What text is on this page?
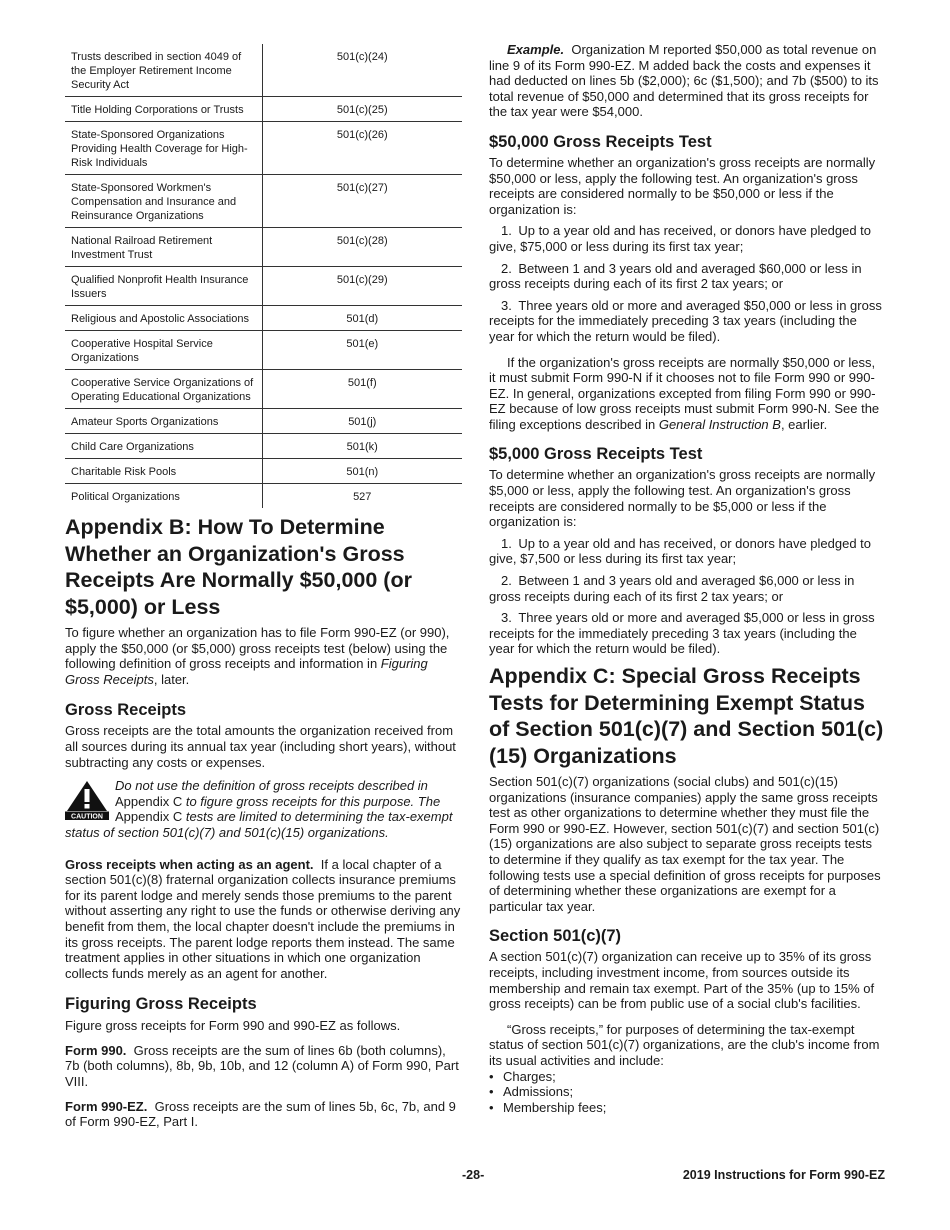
Trusts described in section 4049 of the Employer Retirement Income Security Act	501(c)(24)
Title Holding Corporations or Trusts	501(c)(25)
State-Sponsored Organizations Providing Health Coverage for High-Risk Individuals	501(c)(26)
State-Sponsored Workmen's Compensation and Insurance and Reinsurance Organizations	501(c)(27)
National Railroad Retirement Investment Trust	501(c)(28)
Qualified Nonprofit Health Insurance Issuers	501(c)(29)
Religious and Apostolic Associations	501(d)
Cooperative Hospital Service Organizations	501(e)
Cooperative Service Organizations of Operating Educational Organizations	501(f)
Amateur Sports Organizations	501(j)
Child Care Organizations	501(k)
Charitable Risk Pools	501(n)
Political Organizations	527
Appendix B: How To Determine Whether an Organization's Gross Receipts Are Normally $50,000 (or $5,000) or Less

To figure whether an organization has to file Form 990-EZ (or 990), apply the $50,000 (or $5,000) gross receipts test (below) using the following definition of gross receipts and information in Figuring Gross Receipts, later.

Gross Receipts

Gross receipts are the total amounts the organization received from all sources during its annual tax year (including short years), without subtracting any costs or expenses.

CAUTION

Do not use the definition of gross receipts described in
Appendix C to figure gross receipts for this purpose. The Appendix C tests are limited to determining the tax-exempt status of section 501(c)(7) and 501(c)(15) organizations.

Gross receipts when acting as an agent. If a local chapter of a section 501(c)(8) fraternal organization collects insurance premiums for its parent lodge and merely sends those premiums to the parent without asserting any right to use the funds or otherwise deriving any benefit from them, the local chapter doesn't include the premiums in its gross receipts. The parent lodge reports them instead. The same treatment applies in other situations in which one organization collects funds merely as an agent for another.

Figuring Gross Receipts

Figure gross receipts for Form 990 and 990-EZ as follows.

Form 990. Gross receipts are the sum of lines 6b (both columns), 7b (both columns), 8b, 9b, 10b, and 12 (column A) of Form 990, Part VIII.

Form 990-EZ. Gross receipts are the sum of lines 5b, 6c, 7b, and 9 of Form 990-EZ, Part I.

Example. Organization M reported $50,000 as total revenue on line 9 of its Form 990-EZ. M added back the costs and expenses it had deducted on lines 5b ($2,000); 6c ($1,500); and 7b ($500) to its total revenue of $50,000 and determined that its gross receipts for the tax year were $54,000.

$50,000 Gross Receipts Test

To determine whether an organization's gross receipts are normally $50,000 or less, apply the following test. An organization's gross receipts are considered normally to be $50,000 or less if the organization is:

1. Up to a year old and has received, or donors have pledged to give, $75,000 or less during its first tax year;

2. Between 1 and 3 years old and averaged $60,000 or less in gross receipts during each of its first 2 tax years; or

3. Three years old or more and averaged $50,000 or less in gross receipts for the immediately preceding 3 tax years (including the year for which the return would be filed).

If the organization's gross receipts are normally $50,000 or less, it must submit Form 990-N if it chooses not to file Form 990 or 990-EZ. In general, organizations excepted from filing Form 990 or 990-EZ because of low gross receipts must submit Form 990-N. See the filing exceptions described in General Instruction B, earlier.

$5,000 Gross Receipts Test

To determine whether an organization's gross receipts are normally $5,000 or less, apply the following test. An organization's gross receipts are considered normally to be $5,000 or less if the organization is:

1. Up to a year old and has received, or donors have pledged to give, $7,500 or less during its first tax year;

2. Between 1 and 3 years old and averaged $6,000 or less in gross receipts during each of its first 2 tax years; or

3. Three years old or more and averaged $5,000 or less in gross receipts for the immediately preceding 3 tax years (including the year for which the return would be filed).

Appendix C: Special Gross Receipts Tests for Determining Exempt Status of Section 501(c)(7) and Section 501(c)(15) Organizations

Section 501(c)(7) organizations (social clubs) and 501(c)(15) organizations (insurance companies) apply the same gross receipts test as other organizations to determine whether they must file the Form 990 or 990-EZ. However, section 501(c)(7) and section 501(c)(15) organizations are also subject to separate gross receipts tests to determine if they qualify as tax exempt for the tax year. The following tests use a special definition of gross receipts for purposes of determining whether these organizations are exempt for a particular tax year.

Section 501(c)(7)

A section 501(c)(7) organization can receive up to 35% of its gross receipts, including investment income, from sources outside its membership and remain tax exempt. Part of the 35% (up to 15% of gross receipts) can be from public use of a social club's facilities.

“Gross receipts,” for purposes of determining the tax-exempt status of section 501(c)(7) organizations, are the club's income from its usual activities and include:

• Charges;
• Admissions;
• Membership fees;
-28-	2019 Instructions for Form 990-EZ
